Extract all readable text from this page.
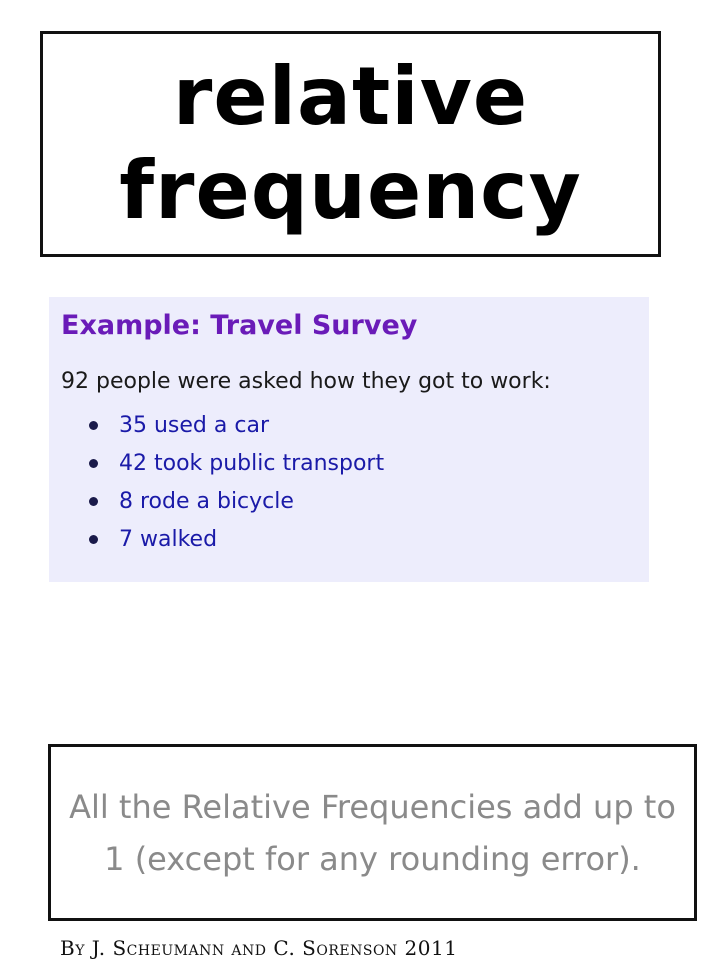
relative
frequency
Example: Travel Survey
92 people were asked how they got to work:
35 used a car
42 took public transport
8 rode a bicycle
7 walked

All the Relative Frequencies add up to 1 (except for any rounding error).

By J. Scheumann and C. Sorenson 2011
